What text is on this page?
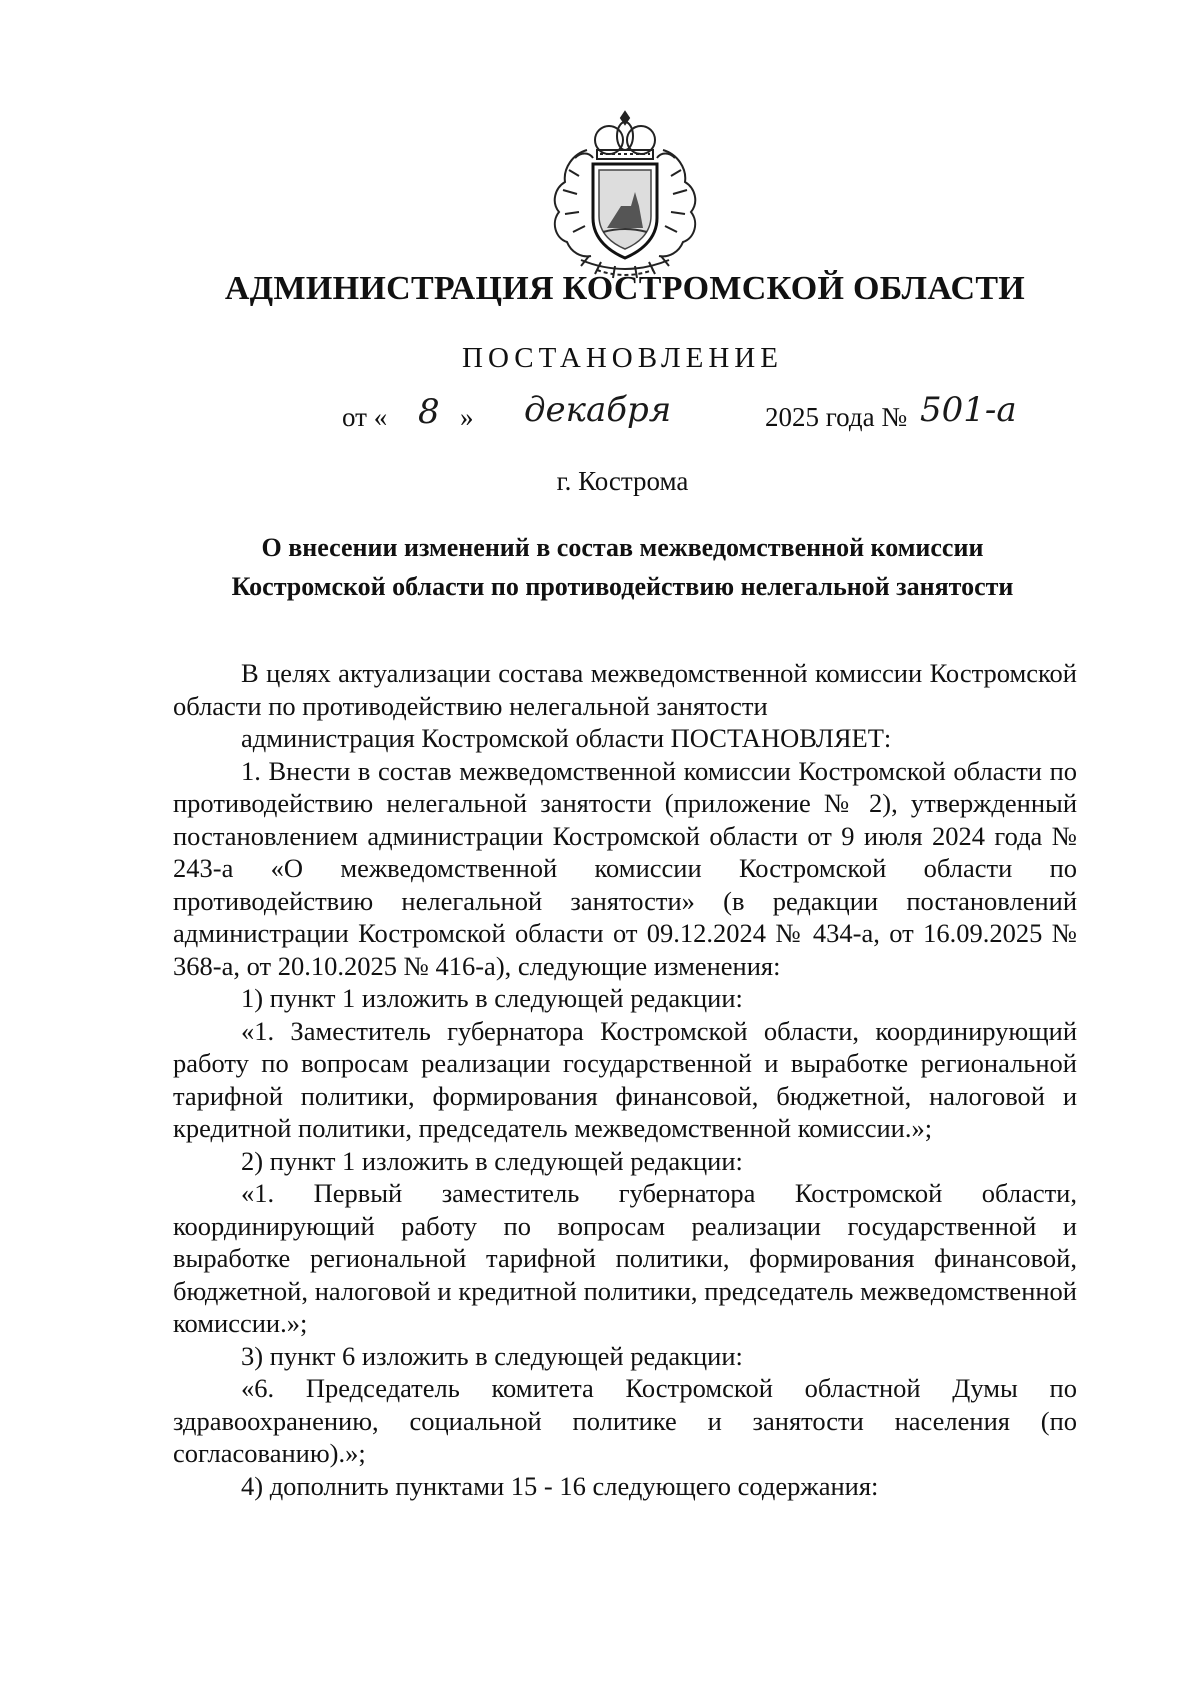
АДМИНИСТРАЦИЯ КОСТРОМСКОЙ ОБЛАСТИ
ПОСТАНОВЛЕНИЕ
от « 8 » декабря	2025 года № 501-а
г. Кострома
О внесении изменений в состав межведомственной комиссии
Костромской области по противодействию нелегальной занятости

В целях актуализации состава межведомственной комиссии Костромской области по противодействию нелегальной занятости

администрация Костромской области ПОСТАНОВЛЯЕТ:

1. Внести в состав межведомственной комиссии Костромской области по противодействию нелегальной занятости (приложение № 2), утвержденный постановлением администрации Костромской области от 9 июля 2024 года № 243-а «О межведомственной комиссии Костромской области по противодействию нелегальной занятости» (в редакции постановлений администрации Костромской области от 09.12.2024 № 434-а, от 16.09.2025 № 368-а, от 20.10.2025 № 416-а), следующие изменения:

1) пункт 1 изложить в следующей редакции:

«1. Заместитель губернатора Костромской области, координирующий работу по вопросам реализации государственной и выработке региональной тарифной политики, формирования финансовой, бюджетной, налоговой и кредитной политики, председатель межведомственной комиссии.»;

2) пункт 1 изложить в следующей редакции:

«1. Первый заместитель губернатора Костромской области, координирующий работу по вопросам реализации государственной и выработке региональной тарифной политики, формирования финансовой, бюджетной, налоговой и кредитной политики, председатель межведомственной комиссии.»;

3) пункт 6 изложить в следующей редакции:

«6. Председатель комитета Костромской областной Думы по здравоохранению, социальной политике и занятости населения (по согласованию).»;

4) дополнить пунктами 15 - 16 следующего содержания:
